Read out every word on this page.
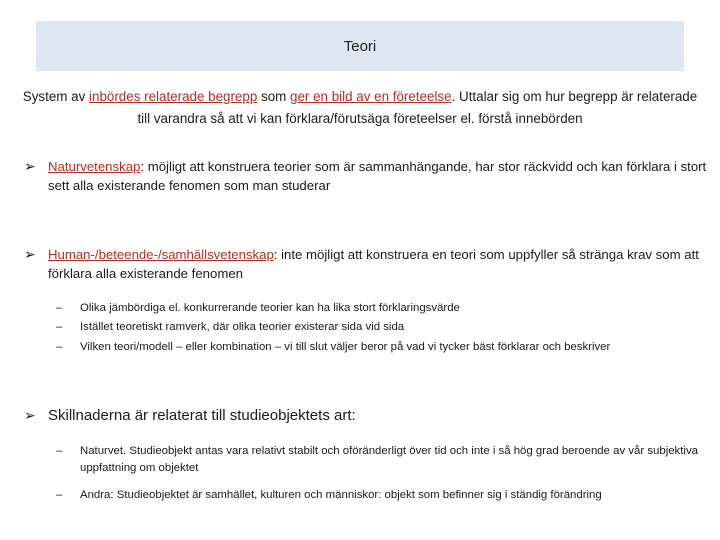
Teori
System av inbördes relaterade begrepp som ger en bild av en företeelse. Uttalar sig om hur begrepp är relaterade till varandra så att vi kan förklara/förutsäga företeelser el. förstå innebörden
➢ Naturvetenskap: möjligt att konstruera teorier som är sammanhängande, har stor räckvidd och kan förklara i stort sett alla existerande fenomen som man studerar
➢ Human-/beteende-/samhällsvetenskap: inte möjligt att konstruera en teori som uppfyller så stränga krav som att förklara alla existerande fenomen
–	Olika jämbördiga el. konkurrerande teorier kan ha lika stort förklaringsvärde
–	Istället teoretiskt ramverk, där olika teorier existerar sida vid sida
–	Vilken teori/modell – eller kombination – vi till slut väljer beror på vad vi tycker bäst förklarar och beskriver
➢ Skillnaderna är relaterat till studieobjektets art:
–	Naturvet. Studieobjekt antas vara relativt stabilt och oföränderligt över tid och inte i så hög grad beroende av vår subjektiva uppfattning om objektet
–	Andra: Studieobjektet är samhället, kulturen och människor: objekt som befinner sig i ständig förändring
